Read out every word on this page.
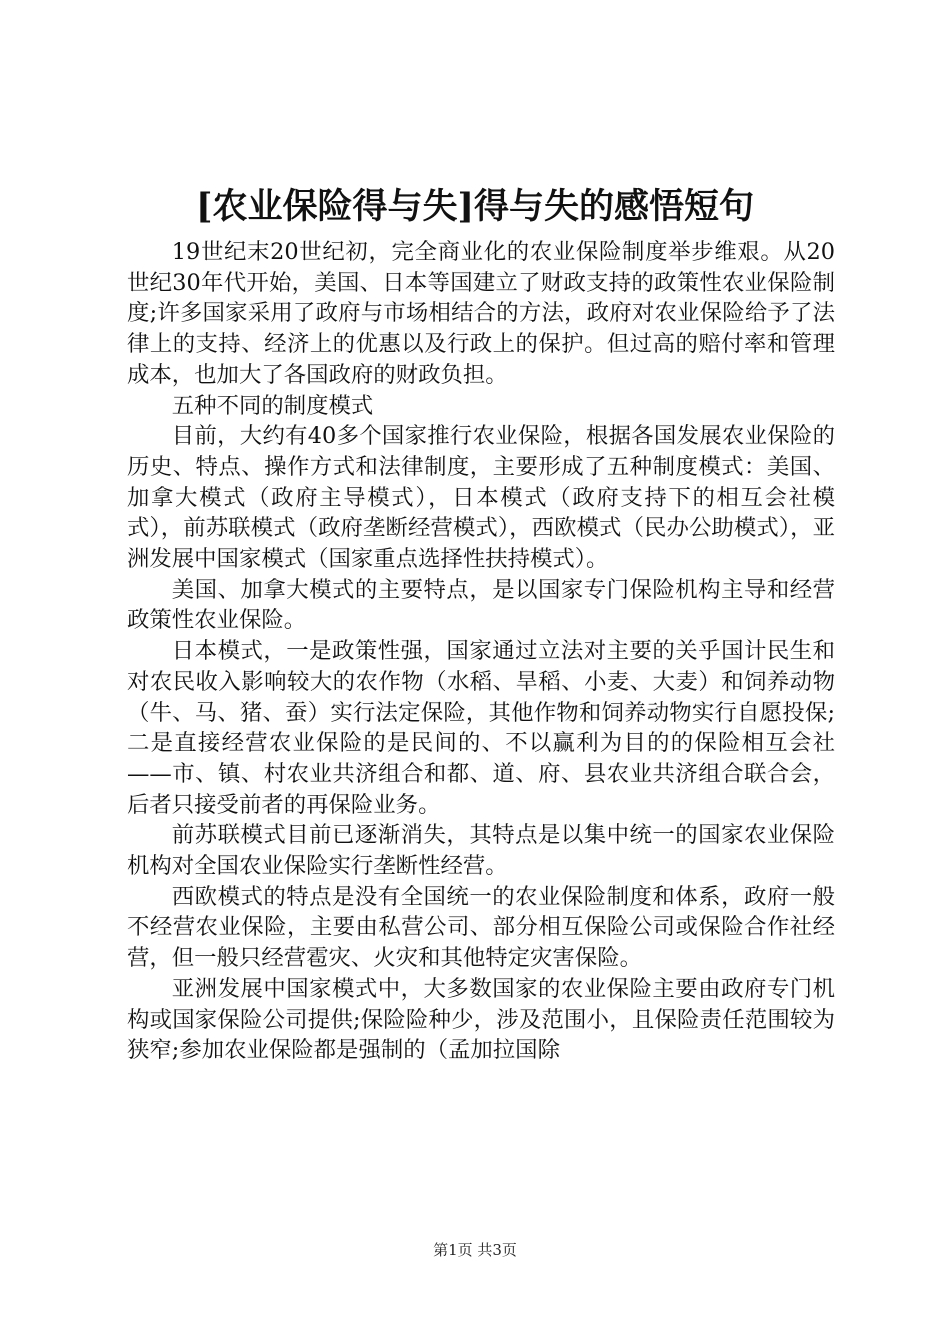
[农业保险得与失]得与失的感悟短句

19世纪末20世纪初，完全商业化的农业保险制度举步维艰。从20世纪30年代开始，美国、日本等国建立了财政支持的政策性农业保险制度;许多国家采用了政府与市场相结合的方法，政府对农业保险给予了法律上的支持、经济上的优惠以及行政上的保护。但过高的赔付率和管理成本，也加大了各国政府的财政负担。

五种不同的制度模式

目前，大约有40多个国家推行农业保险，根据各国发展农业保险的历史、特点、操作方式和法律制度，主要形成了五种制度模式：美国、加拿大模式（政府主导模式），日本模式（政府支持下的相互会社模式），前苏联模式（政府垄断经营模式），西欧模式（民办公助模式），亚洲发展中国家模式（国家重点选择性扶持模式）。

美国、加拿大模式的主要特点，是以国家专门保险机构主导和经营政策性农业保险。

日本模式，一是政策性强，国家通过立法对主要的关乎国计民生和对农民收入影响较大的农作物（水稻、旱稻、小麦、大麦）和饲养动物（牛、马、猪、蚕）实行法定保险，其他作物和饲养动物实行自愿投保;二是直接经营农业保险的是民间的、不以赢利为目的的保险相互会社——市、镇、村农业共济组合和都、道、府、县农业共济组合联合会，后者只接受前者的再保险业务。

前苏联模式目前已逐渐消失，其特点是以集中统一的国家农业保险机构对全国农业保险实行垄断性经营。

西欧模式的特点是没有全国统一的农业保险制度和体系，政府一般不经营农业保险，主要由私营公司、部分相互保险公司或保险合作社经营，但一般只经营雹灾、火灾和其他特定灾害保险。

亚洲发展中国家模式中，大多数国家的农业保险主要由政府专门机构或国家保险公司提供;保险险种少，涉及范围小，且保险责任范围较为狭窄;参加农业保险都是强制的（孟加拉国除

第1页 共3页
